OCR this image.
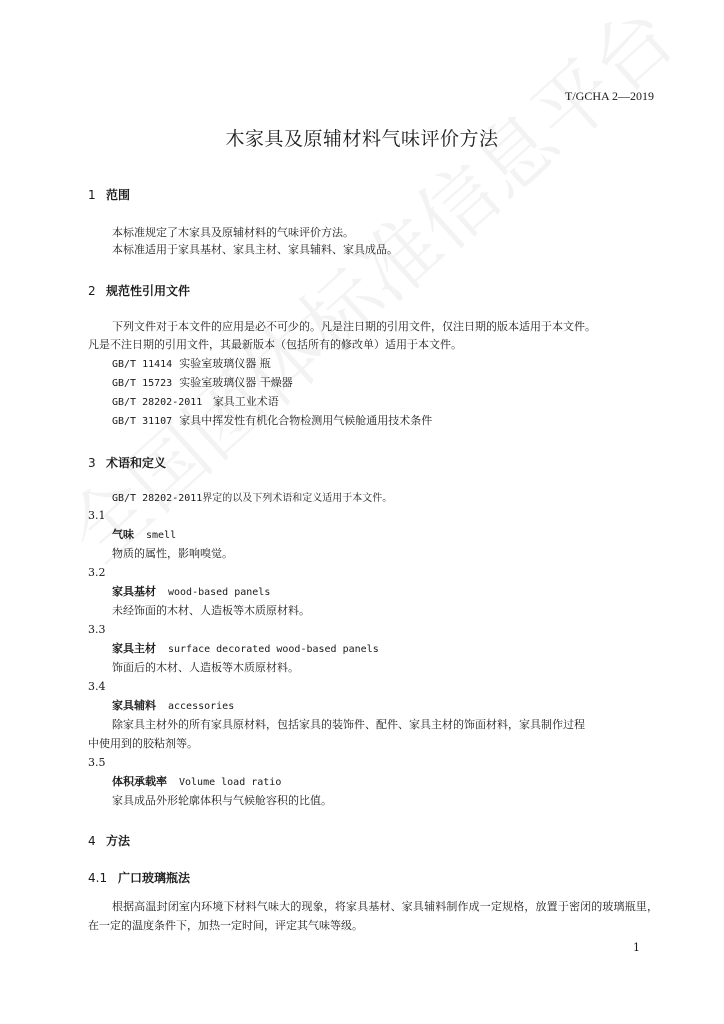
T/GCHA 2—2019
木家具及原辅材料气味评价方法
1 范围
本标准规定了木家具及原辅材料的气味评价方法。
本标准适用于家具基材、家具主材、家具辅料、家具成品。
2 规范性引用文件
下列文件对于本文件的应用是必不可少的。凡是注日期的引用文件，仅注日期的版本适用于本文件。
凡是不注日期的引用文件，其最新版本（包括所有的修改单）适用于本文件。
GB/T 11414 实验室玻璃仪器 瓶
GB/T 15723 实验室玻璃仪器 干燥器
GB/T 28202-2011 家具工业术语
GB/T 31107 家具中挥发性有机化合物检测用气候舱通用技术条件
3 术语和定义
GB/T 28202-2011界定的以及下列术语和定义适用于本文件。
3.1
气味 smell
物质的属性，影响嗅觉。
3.2
家具基材 wood-based panels
未经饰面的木材、人造板等木质原材料。
3.3
家具主材 surface decorated wood-based panels
饰面后的木材、人造板等木质原材料。
3.4
家具辅料 accessories
除家具主材外的所有家具原材料，包括家具的装饰件、配件、家具主材的饰面材料，家具制作过程
中使用到的胶粘剂等。
3.5
体积承载率 Volume load ratio
家具成品外形轮廓体积与气候舱容积的比值。
4 方法
4.1 广口玻璃瓶法
根据高温封闭室内环境下材料气味大的现象，将家具基材、家具辅料制作成一定规格，放置于密闭的玻璃瓶里，在一定的温度条件下，加热一定时间，评定其气味等级。
1
